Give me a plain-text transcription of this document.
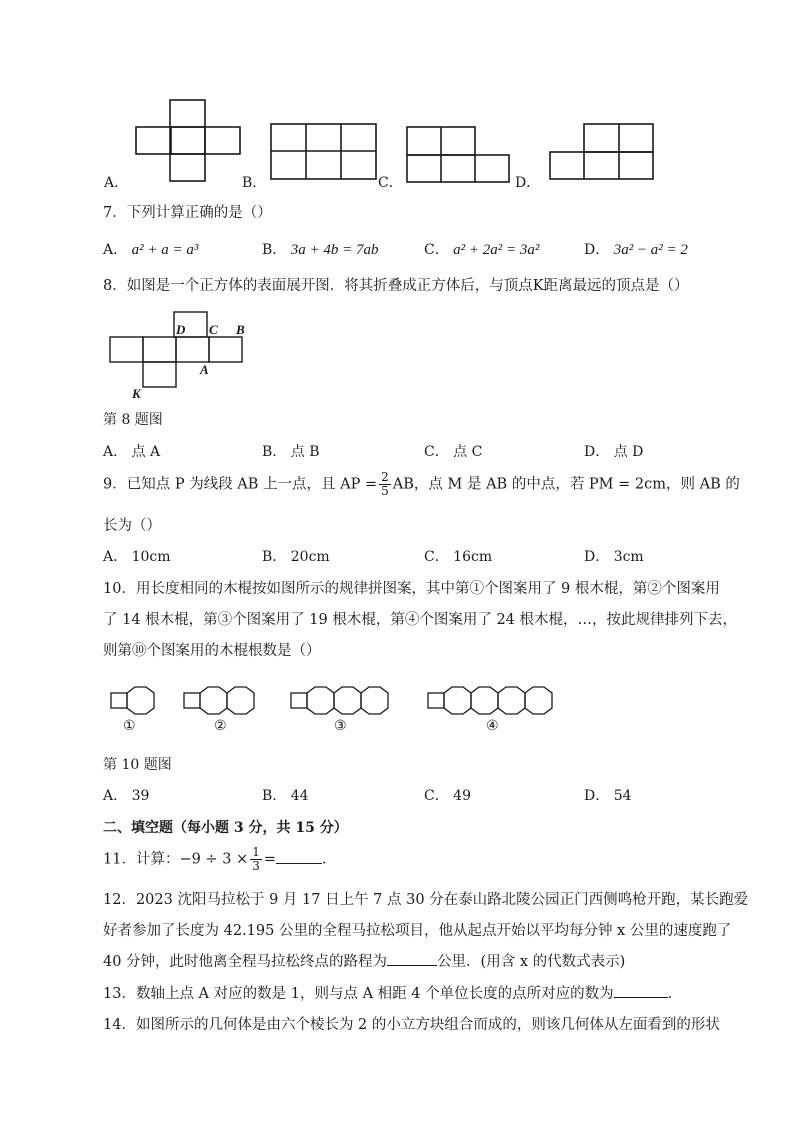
A．	B．	C．	D．
7．下列计算正确的是（）
A． a² + a = a³	B． 3a + 4b = 7ab	C． a² + 2a² = 3a²	D． 3a² − a² = 2
8．如图是一个正方体的表面展开图．将其折叠成正方体后，与顶点K距离最远的顶点是（）
D C B
A
K
第 8 题图
A． 点 A	B． 点 B	C． 点 C	D． 点 D
9．已知点 P 为线段 AB 上一点，且 AP = $\frac{2}{5}$ AB，点 M 是 AB 的中点，若 PM = 2cm，则 AB 的
长为（）
A． 10cm	B． 20cm	C． 16cm	D． 3cm
10．用长度相同的木棍按如图所示的规律拼图案，其中第①个图案用了 9 根木棍，第②个图案用
了 14 根木棍，第③个图案用了 19 根木棍，第④个图案用了 24 根木棍，…，按此规律排列下去，
则第⑩个图案用的木棍根数是（）
①	②	③	④
第 10 题图
A． 39	B． 44	C． 49	D． 54
二、填空题（每小题 3 分，共 15 分）
11．计算：$-9 \div 3 \times \frac{1}{3}$ =	．
12．2023 沈阳马拉松于 9 月 17 日上午 7 点 30 分在泰山路北陵公园正门西侧鸣枪开跑，某长跑爱
好者参加了长度为 42.195 公里的全程马拉松项目，他从起点开始以平均每分钟 x 公里的速度跑了
40 分钟，此时他离全程马拉松终点的路程为	公里．(用含 x 的代数式表示)
13．数轴上点 A 对应的数是 1，则与点 A 相距 4 个单位长度的点所对应的数为	．
14．如图所示的几何体是由六个棱长为 2 的小立方块组合而成的，则该几何体从左面看到的形状
